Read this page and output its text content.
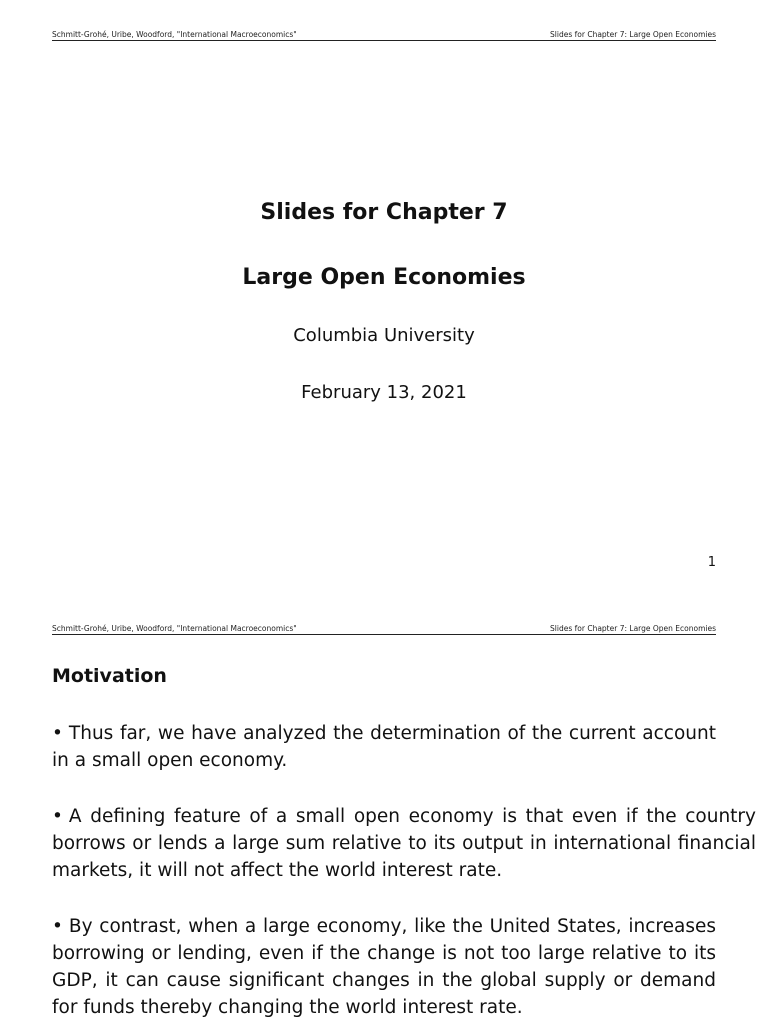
Schmitt-Grohé, Uribe, Woodford, "International Macroeconomics"	Slides for Chapter 7: Large Open Economies
Slides for Chapter 7
Large Open Economies
Columbia University
February 13, 2021
1
Schmitt-Grohé, Uribe, Woodford, "International Macroeconomics"	Slides for Chapter 7: Large Open Economies
Motivation
• Thus far, we have analyzed the determination of the current account in a small open economy.
• A defining feature of a small open economy is that even if the country borrows or lends a large sum relative to its output in international financial markets, it will not affect the world interest rate.
• By contrast, when a large economy, like the United States, increases borrowing or lending, even if the change is not too large relative to its GDP, it can cause significant changes in the global supply or demand for funds thereby changing the world interest rate.
